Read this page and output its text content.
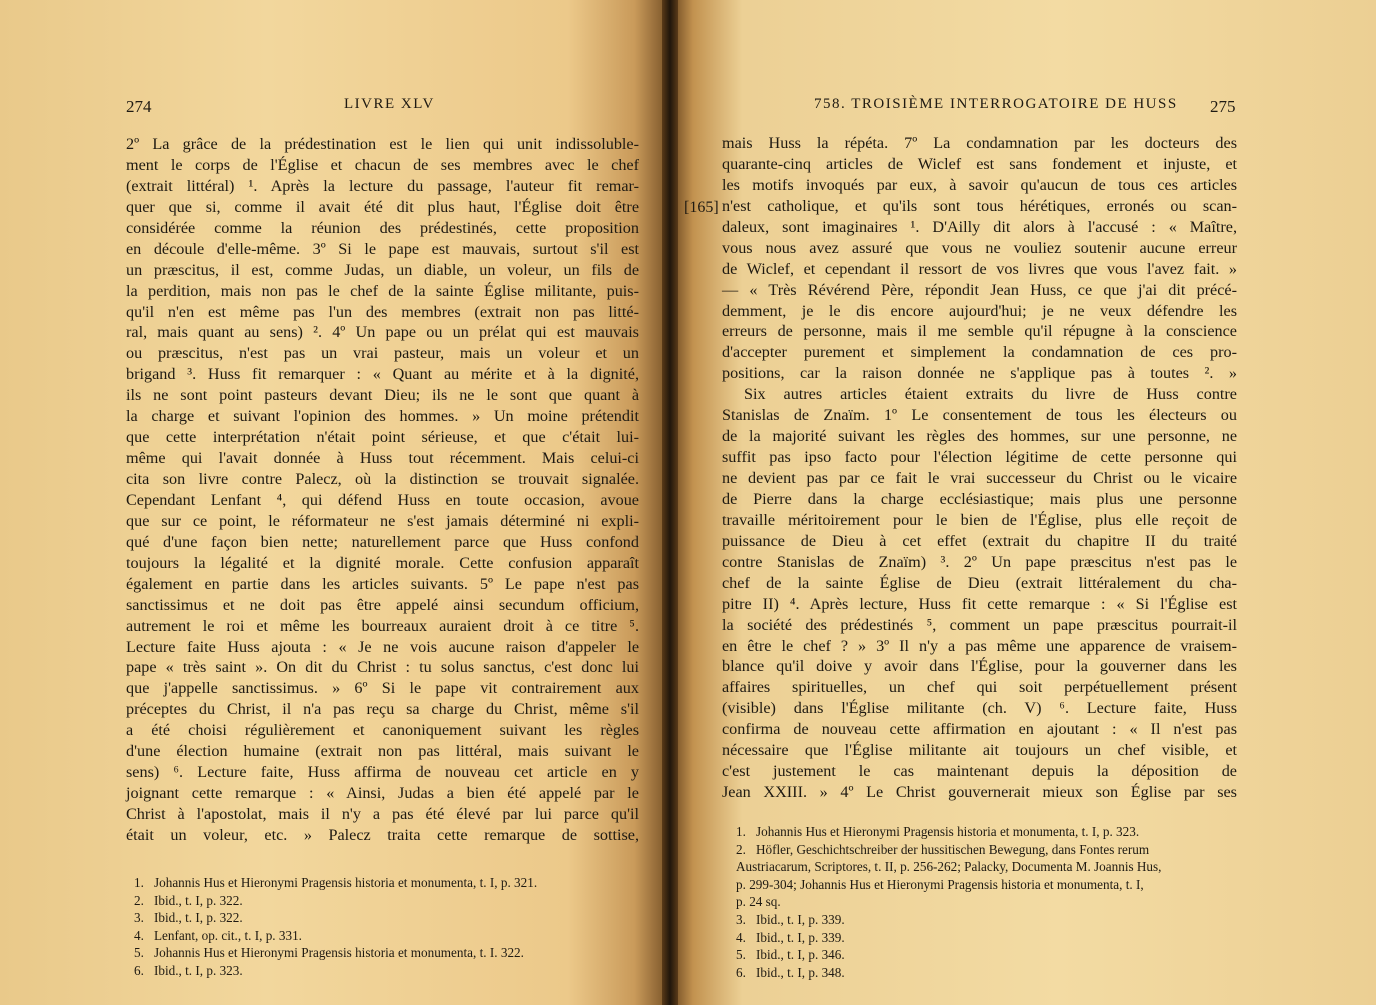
274	LIVRE XLV
2º La grâce de la prédestination est le lien qui unit indissoluble-
ment le corps de l'Église et chacun de ses membres avec le chef
(extrait littéral) ¹. Après la lecture du passage, l'auteur fit remar-
quer que si, comme il avait été dit plus haut, l'Église doit être
considérée comme la réunion des prédestinés, cette proposition
en découle d'elle-même. 3º Si le pape est mauvais, surtout s'il est
un præscitus, il est, comme Judas, un diable, un voleur, un fils de
la perdition, mais non pas le chef de la sainte Église militante, puis-
qu'il n'en est même pas l'un des membres (extrait non pas litté-
ral, mais quant au sens) ². 4º Un pape ou un prélat qui est mauvais
ou præscitus, n'est pas un vrai pasteur, mais un voleur et un
brigand ³. Huss fit remarquer : « Quant au mérite et à la dignité,
ils ne sont point pasteurs devant Dieu; ils ne le sont que quant à
la charge et suivant l'opinion des hommes. » Un moine prétendit
que cette interprétation n'était point sérieuse, et que c'était lui-
même qui l'avait donnée à Huss tout récemment. Mais celui-ci
cita son livre contre Palecz, où la distinction se trouvait signalée.
Cependant Lenfant ⁴, qui défend Huss en toute occasion, avoue
que sur ce point, le réformateur ne s'est jamais déterminé ni expli-
qué d'une façon bien nette; naturellement parce que Huss confond
toujours la légalité et la dignité morale. Cette confusion apparaît
également en partie dans les articles suivants. 5º Le pape n'est pas
sanctissimus et ne doit pas être appelé ainsi secundum officium,
autrement le roi et même les bourreaux auraient droit à ce titre ⁵.
Lecture faite Huss ajouta : « Je ne vois aucune raison d'appeler le
pape « très saint ». On dit du Christ : tu solus sanctus, c'est donc lui
que j'appelle sanctissimus. » 6º Si le pape vit contrairement aux
préceptes du Christ, il n'a pas reçu sa charge du Christ, même s'il
a été choisi régulièrement et canoniquement suivant les règles
d'une élection humaine (extrait non pas littéral, mais suivant le
sens) ⁶. Lecture faite, Huss affirma de nouveau cet article en y
joignant cette remarque : « Ainsi, Judas a bien été appelé par le
Christ à l'apostolat, mais il n'y a pas été élevé par lui parce qu'il
était un voleur, etc. » Palecz traita cette remarque de sottise,
1. Johannis Hus et Hieronymi Pragensis historia et monumenta, t. I, p. 321.
2. Ibid., t. I, p. 322.
3. Ibid., t. I, p. 322.
4. Lenfant, op. cit., t. I, p. 331.
5. Johannis Hus et Hieronymi Pragensis historia et monumenta, t. I. 322.
6. Ibid., t. I, p. 323.
758. TROISIÈME INTERROGATOIRE DE HUSS 275
[165]
mais Huss la répéta. 7º La condamnation par les docteurs des
quarante-cinq articles de Wiclef est sans fondement et injuste, et
les motifs invoqués par eux, à savoir qu'aucun de tous ces articles
n'est catholique, et qu'ils sont tous hérétiques, erronés ou scan-
daleux, sont imaginaires ¹. D'Ailly dit alors à l'accusé : « Maître,
vous nous avez assuré que vous ne vouliez soutenir aucune erreur
de Wiclef, et cependant il ressort de vos livres que vous l'avez fait. »
— « Très Révérend Père, répondit Jean Huss, ce que j'ai dit précé-
demment, je le dis encore aujourd'hui; je ne veux défendre les
erreurs de personne, mais il me semble qu'il répugne à la conscience
d'accepter purement et simplement la condamnation de ces pro-
positions, car la raison donnée ne s'applique pas à toutes ². »
Six autres articles étaient extraits du livre de Huss contre
Stanislas de Znaïm. 1º Le consentement de tous les électeurs ou
de la majorité suivant les règles des hommes, sur une personne, ne
suffit pas ipso facto pour l'élection légitime de cette personne qui
ne devient pas par ce fait le vrai successeur du Christ ou le vicaire
de Pierre dans la charge ecclésiastique; mais plus une personne
travaille méritoirement pour le bien de l'Église, plus elle reçoit de
puissance de Dieu à cet effet (extrait du chapitre II du traité
contre Stanislas de Znaïm) ³. 2º Un pape præscitus n'est pas le
chef de la sainte Église de Dieu (extrait littéralement du cha-
pitre II) ⁴. Après lecture, Huss fit cette remarque : « Si l'Église est
la société des prédestinés ⁵, comment un pape præscitus pourrait-il
en être le chef ? » 3º Il n'y a pas même une apparence de vraisem-
blance qu'il doive y avoir dans l'Église, pour la gouverner dans les
affaires spirituelles, un chef qui soit perpétuellement présent
(visible) dans l'Église militante (ch. V) ⁶. Lecture faite, Huss
confirma de nouveau cette affirmation en ajoutant : « Il n'est pas
nécessaire que l'Église militante ait toujours un chef visible, et
c'est justement le cas maintenant depuis la déposition de
Jean XXIII. » 4º Le Christ gouvernerait mieux son Église par ses
1. Johannis Hus et Hieronymi Pragensis historia et monumenta, t. I, p. 323.
2. Höfler, Geschichtschreiber der hussitischen Bewegung, dans Fontes rerum
Austriacarum, Scriptores, t. II, p. 256-262; Palacky, Documenta M. Joannis Hus,
p. 299-304; Johannis Hus et Hieronymi Pragensis historia et monumenta, t. I,
p. 24 sq.
3. Ibid., t. I, p. 339.
4. Ibid., t. I, p. 339.
5. Ibid., t. I, p. 346.
6. Ibid., t. I, p. 348.
